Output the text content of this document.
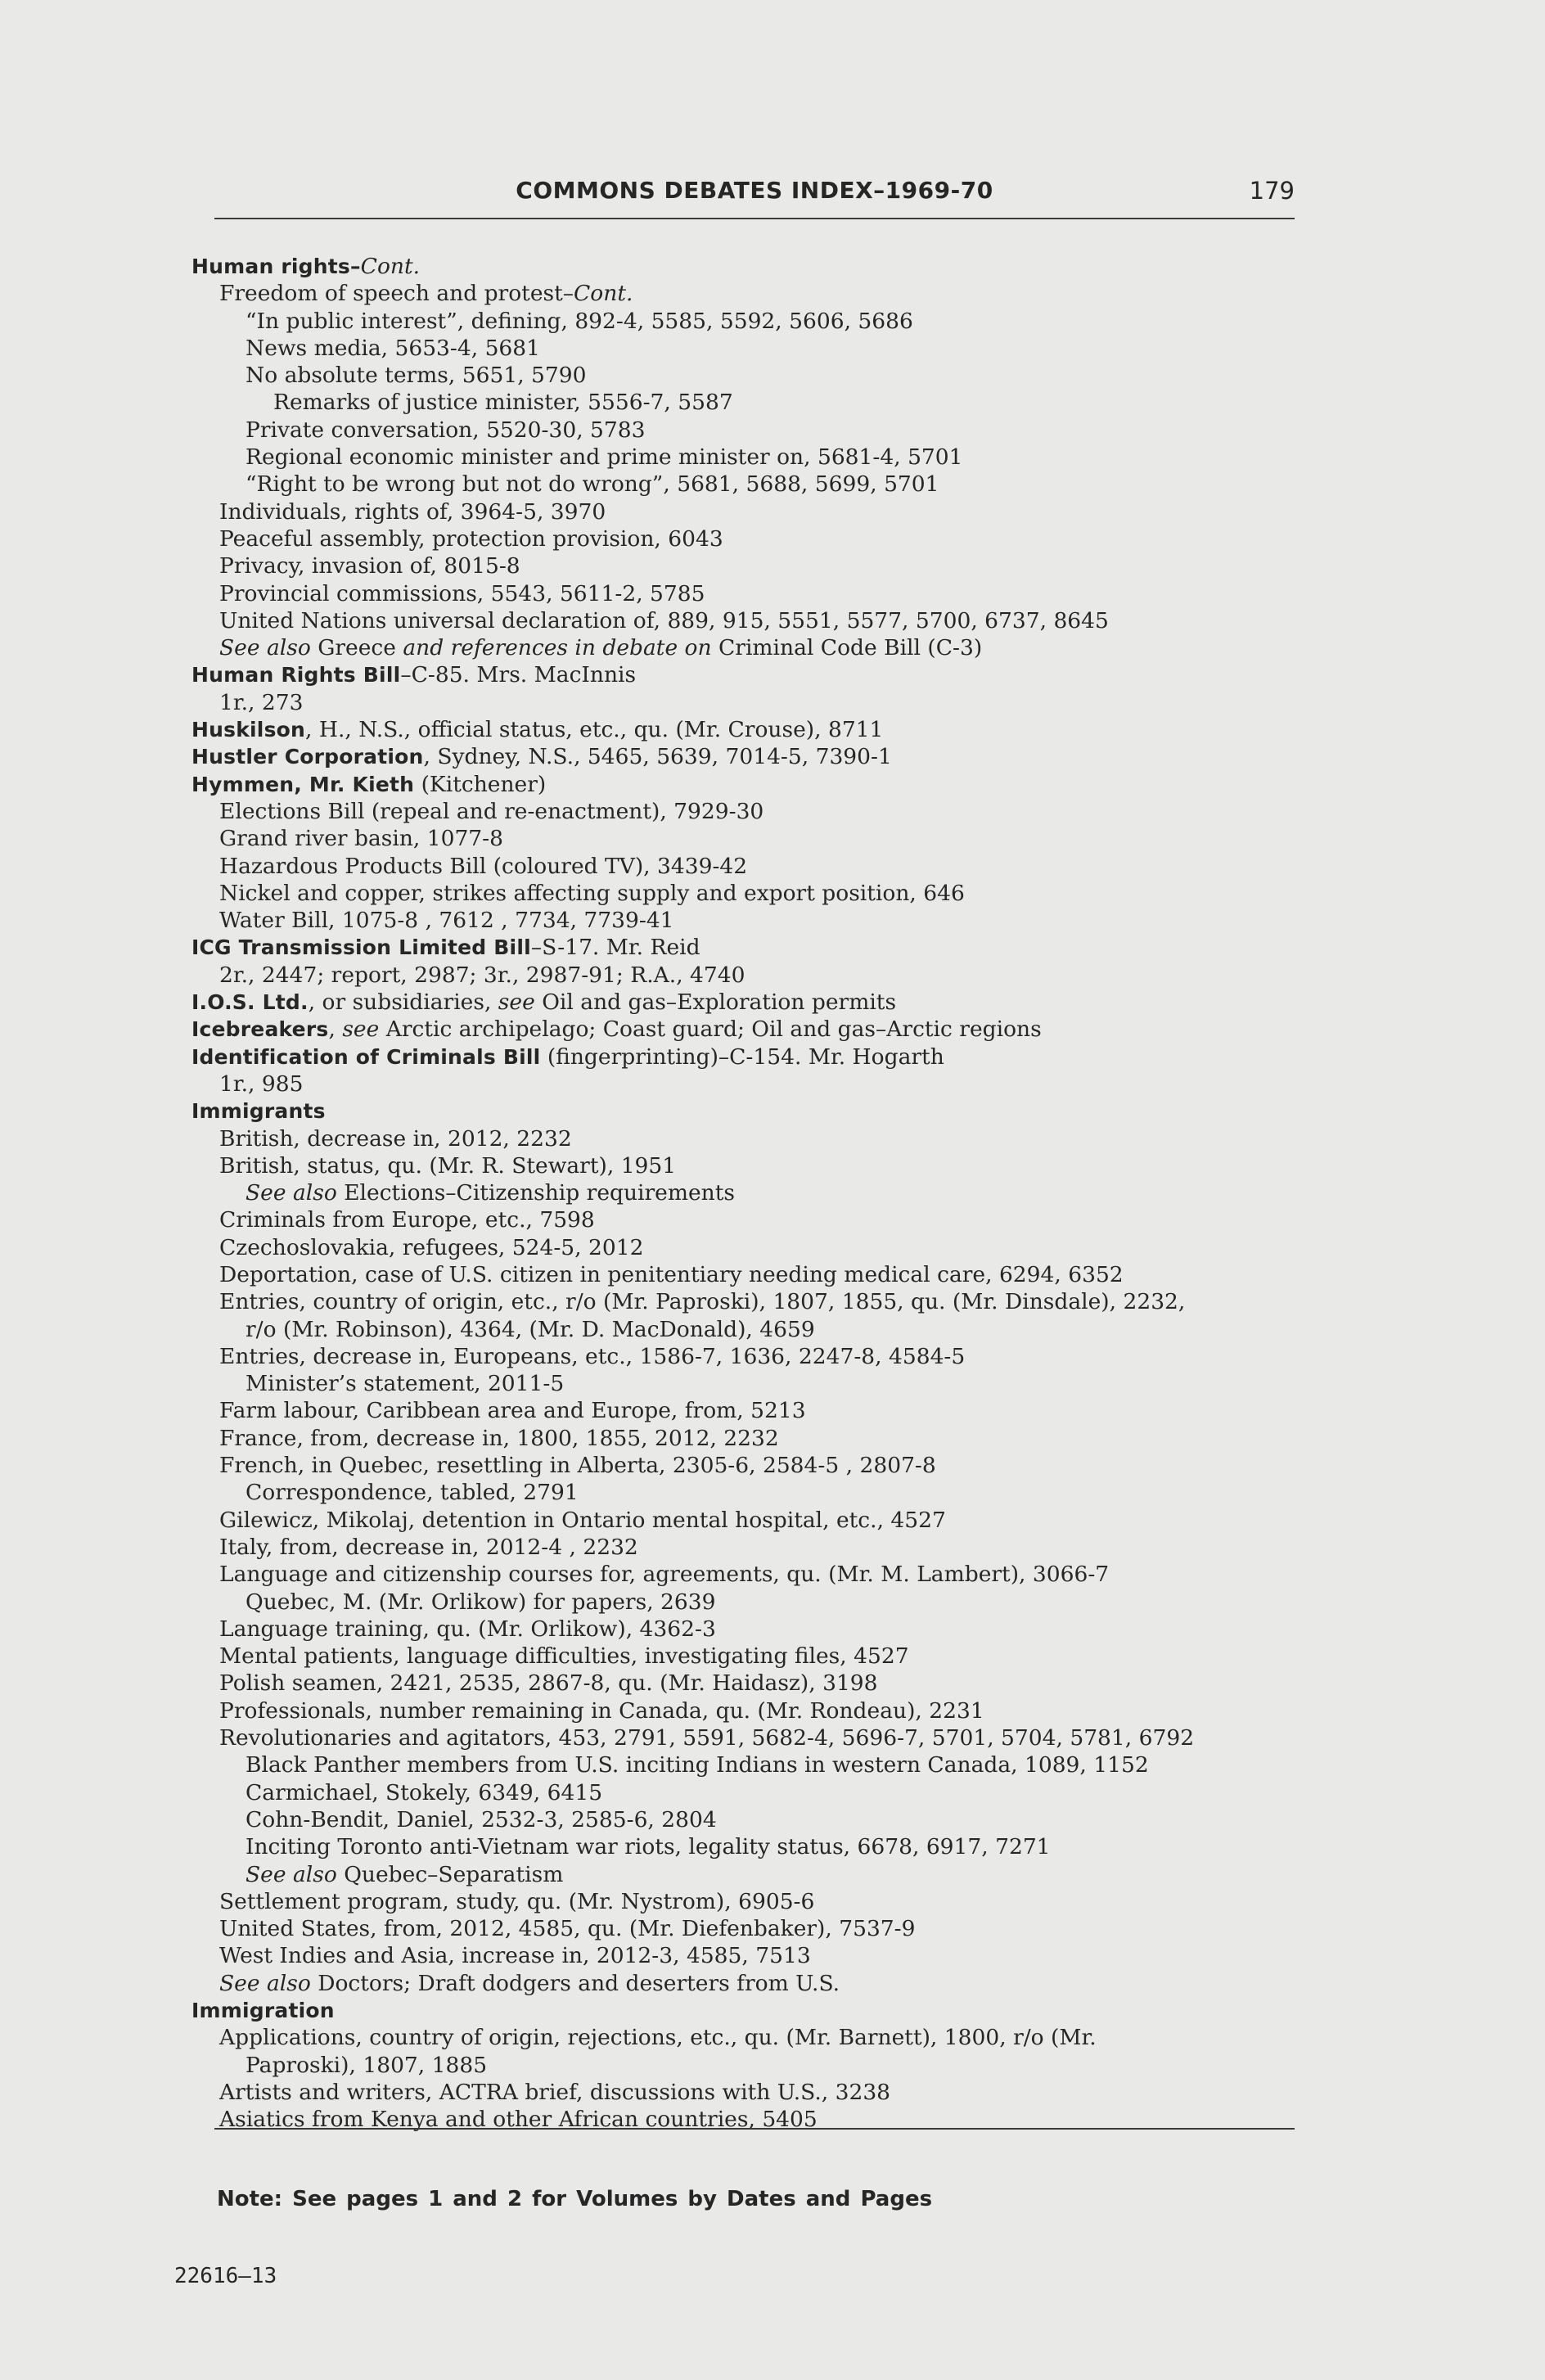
COMMONS DEBATES INDEX–1969-70	179
Human rights–Cont.
Freedom of speech and protest–Cont.
“In public interest”, defining, 892-4, 5585, 5592, 5606, 5686
News media, 5653-4, 5681
No absolute terms, 5651, 5790
Remarks of justice minister, 5556-7, 5587
Private conversation, 5520-30, 5783
Regional economic minister and prime minister on, 5681-4, 5701
“Right to be wrong but not do wrong”, 5681, 5688, 5699, 5701
Individuals, rights of, 3964-5, 3970
Peaceful assembly, protection provision, 6043
Privacy, invasion of, 8015-8
Provincial commissions, 5543, 5611-2, 5785
United Nations universal declaration of, 889, 915, 5551, 5577, 5700, 6737, 8645
See also Greece and references in debate on Criminal Code Bill (C-3)
Human Rights Bill–C-85. Mrs. MacInnis
1r., 273
Huskilson, H., N.S., official status, etc., qu. (Mr. Crouse), 8711
Hustler Corporation, Sydney, N.S., 5465, 5639, 7014-5, 7390-1
Hymmen, Mr. Kieth (Kitchener)
Elections Bill (repeal and re-enactment), 7929-30
Grand river basin, 1077-8
Hazardous Products Bill (coloured TV), 3439-42
Nickel and copper, strikes affecting supply and export position, 646
Water Bill, 1075-8 , 7612 , 7734, 7739-41
ICG Transmission Limited Bill–S-17. Mr. Reid
2r., 2447; report, 2987; 3r., 2987-91; R.A., 4740
I.O.S. Ltd., or subsidiaries, see Oil and gas–Exploration permits
Icebreakers, see Arctic archipelago; Coast guard; Oil and gas–Arctic regions
Identification of Criminals Bill (fingerprinting)–C-154. Mr. Hogarth
1r., 985
Immigrants
British, decrease in, 2012, 2232
British, status, qu. (Mr. R. Stewart), 1951
See also Elections–Citizenship requirements
Criminals from Europe, etc., 7598
Czechoslovakia, refugees, 524-5, 2012
Deportation, case of U.S. citizen in penitentiary needing medical care, 6294, 6352
Entries, country of origin, etc., r/o (Mr. Paproski), 1807, 1855, qu. (Mr. Dinsdale), 2232,
r/o (Mr. Robinson), 4364, (Mr. D. MacDonald), 4659
Entries, decrease in, Europeans, etc., 1586-7, 1636, 2247-8, 4584-5
Minister’s statement, 2011-5
Farm labour, Caribbean area and Europe, from, 5213
France, from, decrease in, 1800, 1855, 2012, 2232
French, in Quebec, resettling in Alberta, 2305-6, 2584-5 , 2807-8
Correspondence, tabled, 2791
Gilewicz, Mikolaj, detention in Ontario mental hospital, etc., 4527
Italy, from, decrease in, 2012-4 , 2232
Language and citizenship courses for, agreements, qu. (Mr. M. Lambert), 3066-7
Quebec, M. (Mr. Orlikow) for papers, 2639
Language training, qu. (Mr. Orlikow), 4362-3
Mental patients, language difficulties, investigating files, 4527
Polish seamen, 2421, 2535, 2867-8, qu. (Mr. Haidasz), 3198
Professionals, number remaining in Canada, qu. (Mr. Rondeau), 2231
Revolutionaries and agitators, 453, 2791, 5591, 5682-4, 5696-7, 5701, 5704, 5781, 6792
Black Panther members from U.S. inciting Indians in western Canada, 1089, 1152
Carmichael, Stokely, 6349, 6415
Cohn-Bendit, Daniel, 2532-3, 2585-6, 2804
Inciting Toronto anti-Vietnam war riots, legality status, 6678, 6917, 7271
See also Quebec–Separatism
Settlement program, study, qu. (Mr. Nystrom), 6905-6
United States, from, 2012, 4585, qu. (Mr. Diefenbaker), 7537-9
West Indies and Asia, increase in, 2012-3, 4585, 7513
See also Doctors; Draft dodgers and deserters from U.S.
Immigration
Applications, country of origin, rejections, etc., qu. (Mr. Barnett), 1800, r/o (Mr.
Paproski), 1807, 1885
Artists and writers, ACTRA brief, discussions with U.S., 3238
Asiatics from Kenya and other African countries, 5405
Note: See pages 1 and 2 for Volumes by Dates and Pages
22616–13
